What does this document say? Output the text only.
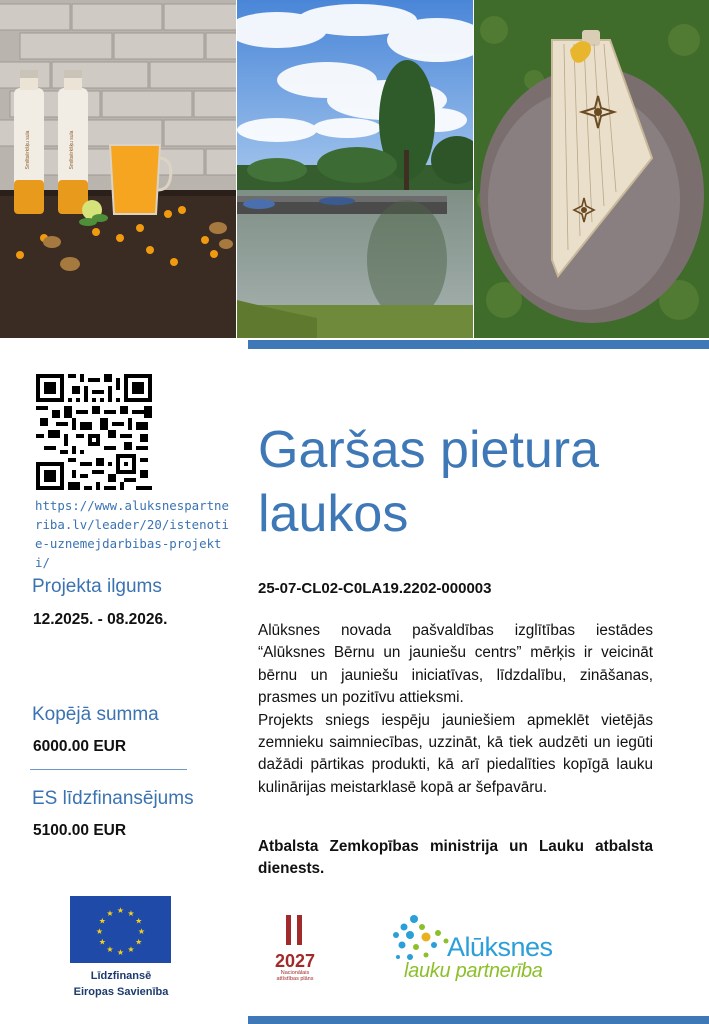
Smiltsērkšķu sula	Smiltsērkšķu sula
https://www.aluksnespartneriba.lv/leader/20/istenotie-uznemejdarbibas-projekti/
Projekta ilgums
12.2025. - 08.2026.
Kopējā summa
6000.00 EUR
ES līdzfinansējums
5100.00 EUR
Garšas pietura laukos
25-07-CL02-C0LA19.2202-000003

Alūksnes novada pašvaldības izglītības iestādes “Alūksnes Bērnu un jauniešu centrs” mērķis ir veicināt bērnu un jauniešu iniciatīvas, līdzdalību, zināšanas, prasmes un pozitīvu attieksmi.

Projekts sniegs iespēju jauniešiem apmeklēt vietējās zemnieku saimniecības, uzzināt, kā tiek audzēti un iegūti dažādi pārtikas produkti, kā arī piedalīties kopīgā lauku kulinārijas meistarklasē kopā ar šefpavāru.

Atbalsta Zemkopības ministrija un Lauku atbalsta dienests.
★ ★
★
★
★
★
★
★
★
★
★
★
Līdzfinansē
Eiropas Savienība
2027
Nacionālais
attīstības plāns
Alūksnes
lauku partnerība
